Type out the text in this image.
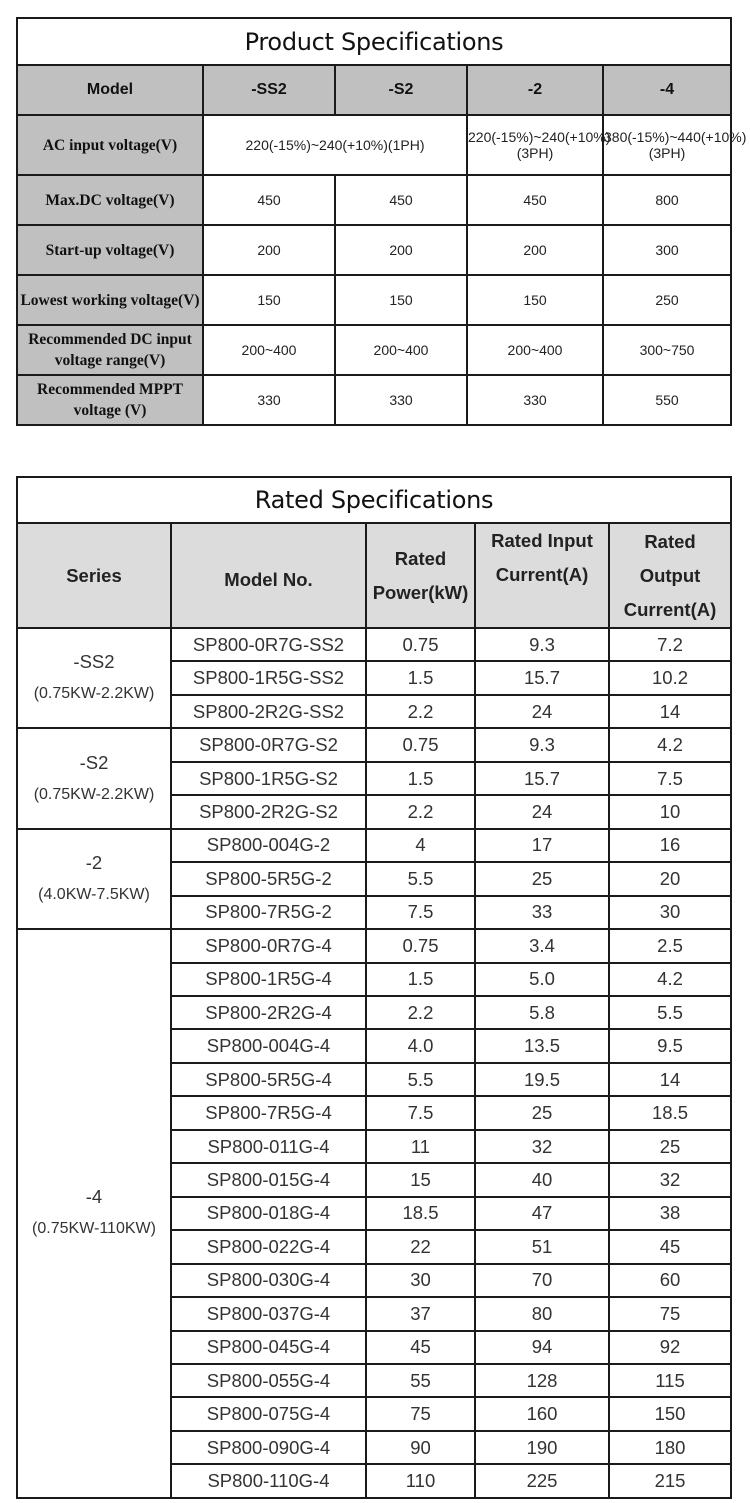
Product Specifications				
Model	-SS2	-S2	-2	-4
AC input voltage(V)	220(-15%)~240(+10%)(1PH)		220(-15%)~240(+10%)(3PH)	380(-15%)~440(+10%)(3PH)
Max.DC voltage(V)	450	450	450	800
Start-up voltage(V)	200	200	200	300
Lowest working voltage(V)	150	150	150	250
Recommended DC input voltage range(V)	200~400	200~400	200~400	300~750
Recommended MPPT voltage (V)	330	330	330	550
Rated Specifications				
Series	Model No.	Rated Power(kW)	Rated Input Current(A)	Rated Output Current(A)
-SS2
(0.75KW-2.2KW)	SP800-0R7G-SS2	0.75	9.3	7.2
	SP800-1R5G-SS2	1.5	15.7	10.2
	SP800-2R2G-SS2	2.2	24	14
-S2
(0.75KW-2.2KW)	SP800-0R7G-S2	0.75	9.3	4.2
	SP800-1R5G-S2	1.5	15.7	7.5
	SP800-2R2G-S2	2.2	24	10
-2
(4.0KW-7.5KW)	SP800-004G-2	4	17	16
	SP800-5R5G-2	5.5	25	20
	SP800-7R5G-2	7.5	33	30
-4
(0.75KW-110KW)	SP800-0R7G-4	0.75	3.4	2.5
	SP800-1R5G-4	1.5	5.0	4.2
	SP800-2R2G-4	2.2	5.8	5.5
	SP800-004G-4	4.0	13.5	9.5
	SP800-5R5G-4	5.5	19.5	14
	SP800-7R5G-4	7.5	25	18.5
	SP800-011G-4	11	32	25
	SP800-015G-4	15	40	32
	SP800-018G-4	18.5	47	38
	SP800-022G-4	22	51	45
	SP800-030G-4	30	70	60
	SP800-037G-4	37	80	75
	SP800-045G-4	45	94	92
	SP800-055G-4	55	128	115
	SP800-075G-4	75	160	150
	SP800-090G-4	90	190	180
	SP800-110G-4	110	225	215
